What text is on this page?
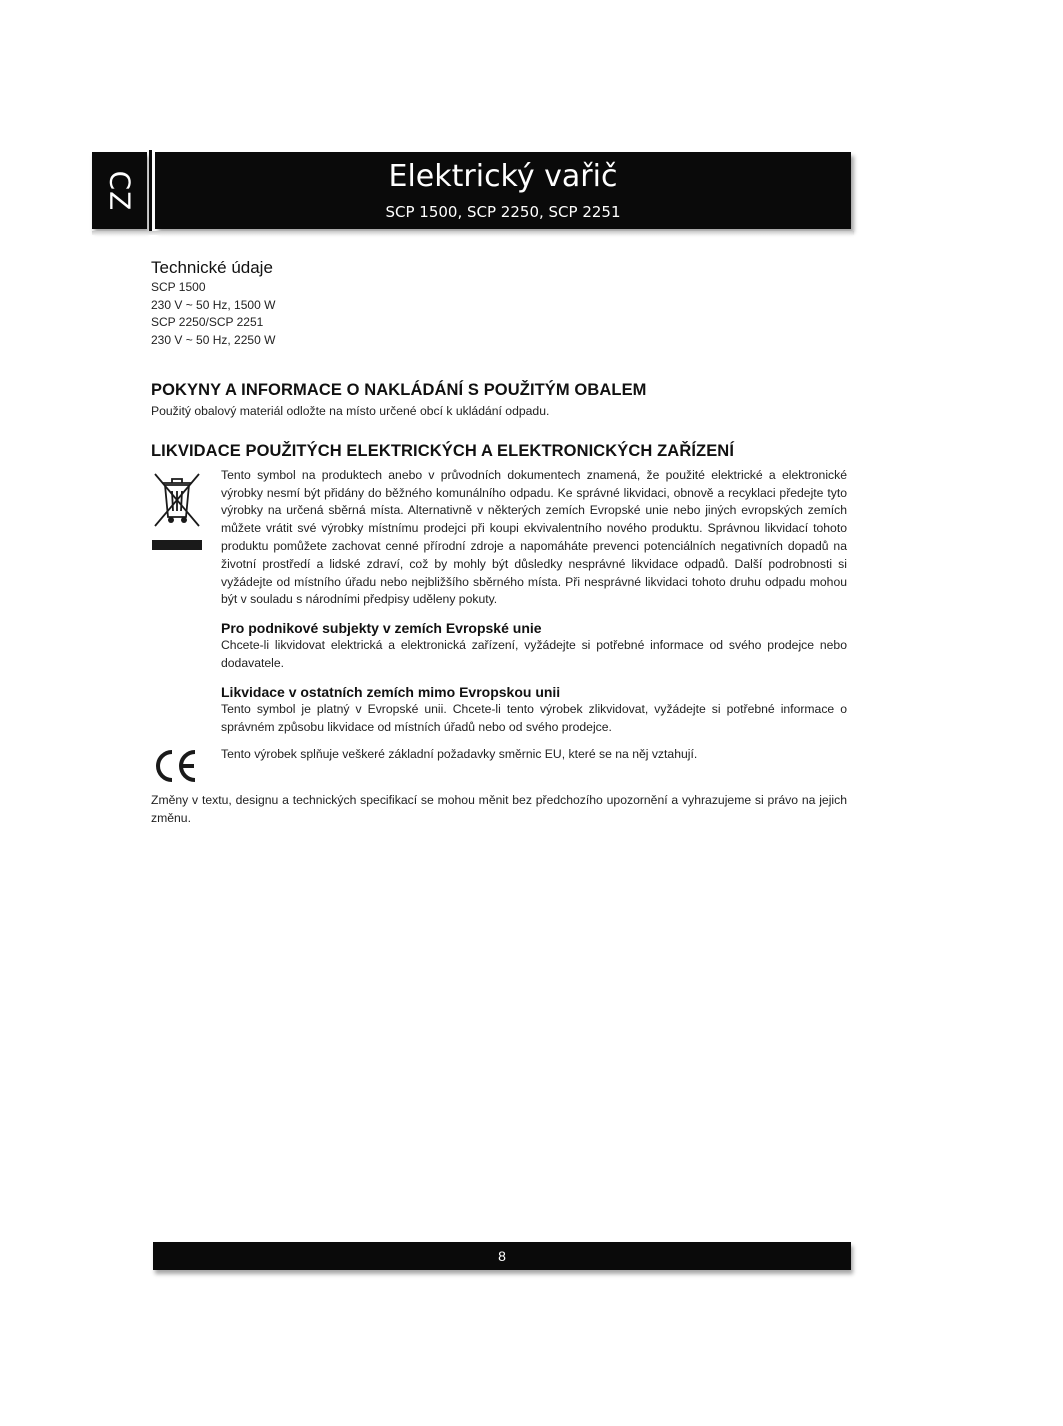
CZ	Elektrický vařič
SCP 1500, SCP 2250, SCP 2251
Technické údaje
SCP 1500
230 V ~ 50 Hz, 1500 W
SCP 2250/SCP 2251
230 V ~ 50 Hz, 2250 W
POKYNY A INFORMACE O NAKLÁDÁNÍ S POUŽITÝM OBALEM
Použitý obalový materiál odložte na místo určené obcí k ukládání odpadu.
LIKVIDACE POUŽITÝCH ELEKTRICKÝCH A ELEKTRONICKÝCH ZAŘÍZENÍ
Tento symbol na produktech anebo v průvodních dokumentech znamená, že použité elektrické a elektronické výrobky nesmí být přidány do běžného komunálního odpadu. Ke správné likvidaci, obnově a recyklaci předejte tyto výrobky na určená sběrná místa. Alternativně v některých zemích Evropské unie nebo jiných evropských zemích můžete vrátit své výrobky místnímu prodejci při koupi ekvivalentního nového produktu. Správnou likvidací tohoto produktu pomůžete zachovat cenné přírodní zdroje a napomáháte prevenci potenciálních negativních dopadů na životní prostředí a lidské zdraví, což by mohly být důsledky nesprávné likvidace odpadů. Další podrobnosti si vyžádejte od místního úřadu nebo nejbližšího sběrného místa. Při nesprávné likvidaci tohoto druhu odpadu mohou být v souladu s národními předpisy uděleny pokuty.
Pro podnikové subjekty v zemích Evropské unie
Chcete-li likvidovat elektrická a elektronická zařízení, vyžádejte si potřebné informace od svého prodejce nebo dodavatele.
Likvidace v ostatních zemích mimo Evropskou unii
Tento symbol je platný v Evropské unii. Chcete-li tento výrobek zlikvidovat, vyžádejte si potřebné informace o správném způsobu likvidace od místních úřadů nebo od svého prodejce.
Tento výrobek splňuje veškeré základní požadavky směrnic EU, které se na něj vztahují.
Změny v textu, designu a technických specifikací se mohou měnit bez předchozího upozornění a vyhrazujeme si právo na jejich změnu.
8
